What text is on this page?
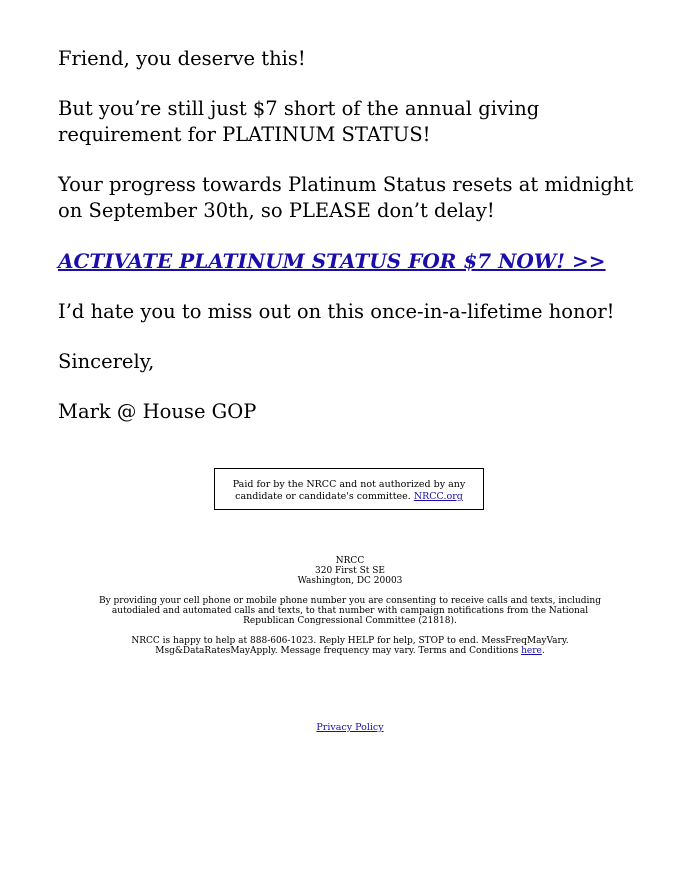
Friend, you deserve this!

But you’re still just $7 short of the annual giving requirement for PLATINUM STATUS!

Your progress towards Platinum Status resets at midnight on September 30th, so PLEASE don’t delay!

ACTIVATE PLATINUM STATUS FOR $7 NOW! >>

I’d hate you to miss out on this once-in-a-lifetime honor!

Sincerely,

Mark @ House GOP

Paid for by the NRCC and not authorized by any candidate or candidate's committee. NRCC.org

NRCC
320 First St SE
Washington, DC 20003

By providing your cell phone or mobile phone number you are consenting to receive calls and texts, including autodialed and automated calls and texts, to that number with campaign notifications from the National Republican Congressional Committee (21818).

NRCC is happy to help at 888-606-1023. Reply HELP for help, STOP to end. MessFreqMayVary. Msg&DataRatesMayApply. Message frequency may vary. Terms and Conditions here.

Privacy Policy
